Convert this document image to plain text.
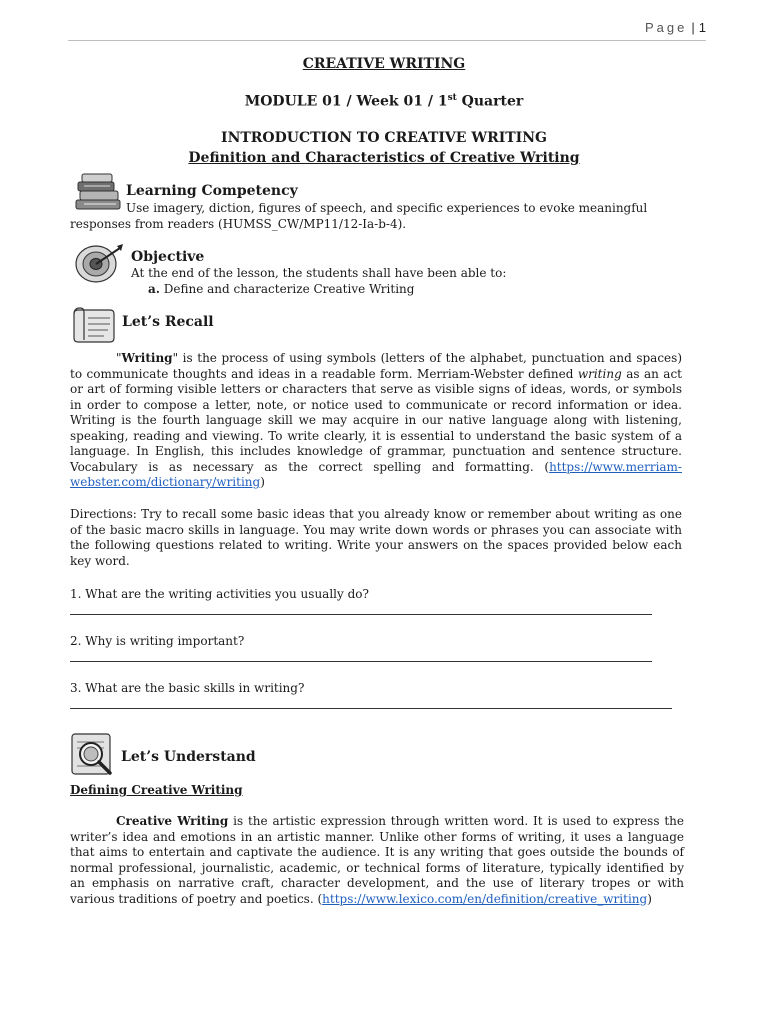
Page | 1
CREATIVE WRITING
MODULE 01 / Week 01 / 1st Quarter
INTRODUCTION TO CREATIVE WRITING
Definition and Characteristics of Creative Writing
Learning Competency
Use imagery, diction, figures of speech, and specific experiences to evoke meaningful
responses from readers (HUMSS_CW/MP11/12-Ia-b-4).
Objective
At the end of the lesson, the students shall have been able to:
a. Define and characterize Creative Writing
Let’s Recall
"Writing" is the process of using symbols (letters of the alphabet, punctuation and spaces) to communicate thoughts and ideas in a readable form. Merriam-Webster defined writing as an act or art of forming visible letters or characters that serve as visible signs of ideas, words, or symbols in order to compose a letter, note, or notice used to communicate or record information or idea. Writing is the fourth language skill we may acquire in our native language along with listening, speaking, reading and viewing. To write clearly, it is essential to understand the basic system of a language. In English, this includes knowledge of grammar, punctuation and sentence structure. Vocabulary is as necessary as the correct spelling and formatting. (https://www.merriam-webster.com/dictionary/writing)
Directions: Try to recall some basic ideas that you already know or remember about writing as one of the basic macro skills in language. You may write down words or phrases you can associate with the following questions related to writing. Write your answers on the spaces provided below each key word.
1. What are the writing activities you usually do?
2. Why is writing important?
3. What are the basic skills in writing?
Let’s Understand
Defining Creative Writing
Creative Writing is the artistic expression through written word. It is used to express the writer’s idea and emotions in an artistic manner. Unlike other forms of writing, it uses a language that aims to entertain and captivate the audience. It is any writing that goes outside the bounds of normal professional, journalistic, academic, or technical forms of literature, typically identified by an emphasis on narrative craft, character development, and the use of literary tropes or with various traditions of poetry and poetics. (https://www.lexico.com/en/definition/creative_writing)
